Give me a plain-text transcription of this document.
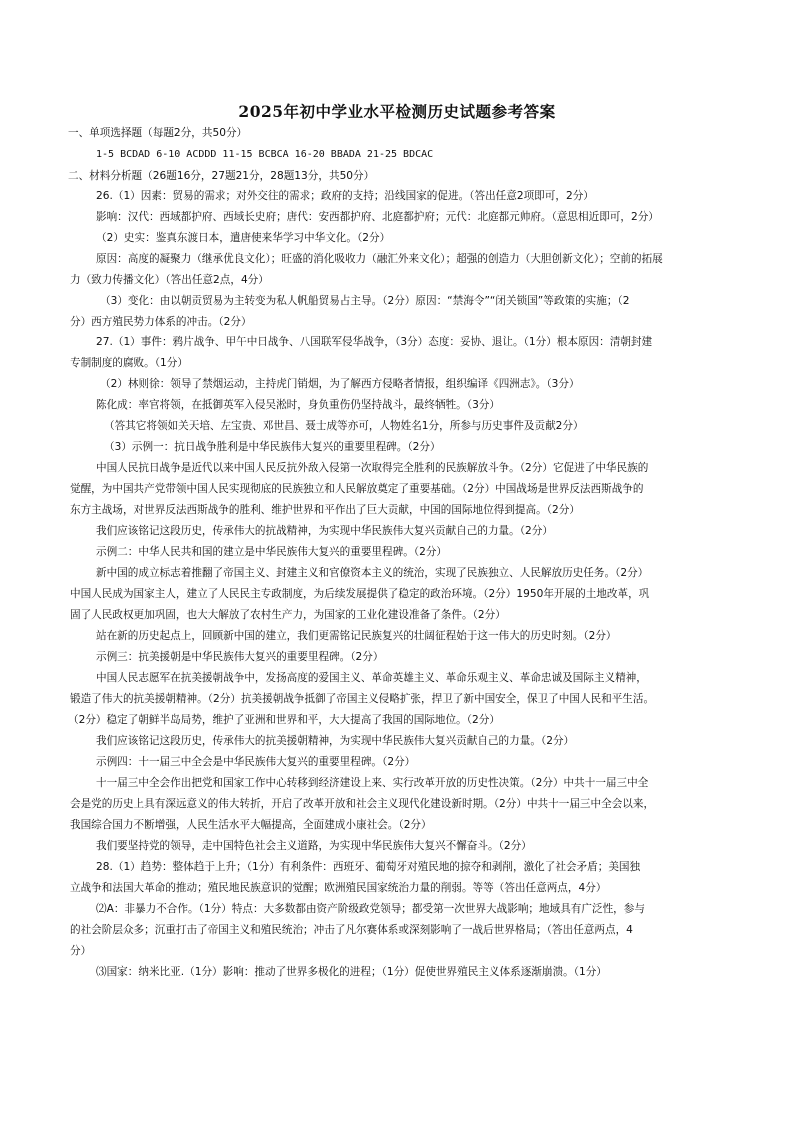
2025年初中学业水平检测历史试题参考答案
一、单项选择题（每题2分，共50分）
1-5 BCDAD 6-10 ACDDD 11-15 BCBCA 16-20 BBADA 21-25 BDCAC
二、材料分析题（26题16分，27题21分，28题13分，共50分）
26.（1）因素：贸易的需求；对外交往的需求；政府的支持；沿线国家的促进。（答出任意2项即可，2分）
影响：汉代：西域都护府、西域长史府；唐代：安西都护府、北庭都护府；元代：北庭都元帅府。（意思相近即可，2分）
（2）史实：鉴真东渡日本，遣唐使来华学习中华文化。（2分）
原因：高度的凝聚力（继承优良文化）；旺盛的消化吸收力（融汇外来文化）；超强的创造力（大胆创新文化）；空前的拓展
力（致力传播文化）（答出任意2点，4分）
（3）变化：由以朝贡贸易为主转变为私人帆船贸易占主导。（2分）原因：“禁海令”“闭关锁国”等政策的实施；（2
分）西方殖民势力体系的冲击。（2分）
27.（1）事件：鸦片战争、甲午中日战争、八国联军侵华战争，（3分）态度：妥协、退让。（1分）根本原因：清朝封建
专制制度的腐败。（1分）
（2）林则徐：领导了禁烟运动，主持虎门销烟，为了解西方侵略者情报，组织编译《四洲志》。（3分）
陈化成：率官将领，在抵御英军入侵吴淞时，身负重伤仍坚持战斗，最终牺牲。（3分）
（答其它将领如关天培、左宝贵、邓世昌、聂士成等亦可，人物姓名1分，所参与历史事件及贡献2分）
（3）示例一：抗日战争胜利是中华民族伟大复兴的重要里程碑。（2分）
中国人民抗日战争是近代以来中国人民反抗外敌入侵第一次取得完全胜利的民族解放斗争。（2分）它促进了中华民族的
觉醒，为中国共产党带领中国人民实现彻底的民族独立和人民解放奠定了重要基础。（2分）中国战场是世界反法西斯战争的
东方主战场，对世界反法西斯战争的胜利、维护世界和平作出了巨大贡献，中国的国际地位得到提高。（2分）
我们应该铭记这段历史，传承伟大的抗战精神，为实现中华民族伟大复兴贡献自己的力量。（2分）
示例二：中华人民共和国的建立是中华民族伟大复兴的重要里程碑。（2分）
新中国的成立标志着推翻了帝国主义、封建主义和官僚资本主义的统治，实现了民族独立、人民解放历史任务。（2分）
中国人民成为国家主人，建立了人民民主专政制度，为后续发展提供了稳定的政治环境。（2分）1950年开展的土地改革，巩
固了人民政权更加巩固，也大大解放了农村生产力，为国家的工业化建设准备了条件。（2分）
站在新的历史起点上，回顾新中国的建立，我们更需铭记民族复兴的壮阔征程始于这一伟大的历史时刻。（2分）
示例三：抗美援朝是中华民族伟大复兴的重要里程碑。（2分）
中国人民志愿军在抗美援朝战争中，发扬高度的爱国主义、革命英雄主义、革命乐观主义、革命忠诚及国际主义精神，
锻造了伟大的抗美援朝精神。（2分）抗美援朝战争抵御了帝国主义侵略扩张，捍卫了新中国安全，保卫了中国人民和平生活。
（2分）稳定了朝鲜半岛局势，维护了亚洲和世界和平，大大提高了我国的国际地位。（2分）
我们应该铭记这段历史，传承伟大的抗美援朝精神，为实现中华民族伟大复兴贡献自己的力量。（2分）
示例四：十一届三中全会是中华民族伟大复兴的重要里程碑。（2分）
十一届三中全会作出把党和国家工作中心转移到经济建设上来、实行改革开放的历史性决策。（2分）中共十一届三中全
会是党的历史上具有深远意义的伟大转折，开启了改革开放和社会主义现代化建设新时期。（2分）中共十一届三中全会以来，
我国综合国力不断增强，人民生活水平大幅提高，全面建成小康社会。（2分）
我们要坚持党的领导，走中国特色社会主义道路，为实现中华民族伟大复兴不懈奋斗。（2分）
28.（1）趋势：整体趋于上升；（1分）有利条件：西班牙、葡萄牙对殖民地的掠夺和剥削，激化了社会矛盾；美国独
立战争和法国大革命的推动；殖民地民族意识的觉醒；欧洲殖民国家统治力量的削弱。等等（答出任意两点，4分）
⑵A：非暴力不合作。（1分）特点：大多数都由资产阶级政党领导；都受第一次世界大战影响；地域具有广泛性，参与
的社会阶层众多；沉重打击了帝国主义和殖民统治；冲击了凡尔赛体系或深刻影响了一战后世界格局；（答出任意两点，4
分）
⑶国家：纳米比亚.（1分）影响：推动了世界多极化的进程；（1分）促使世界殖民主义体系逐渐崩溃。（1分）
